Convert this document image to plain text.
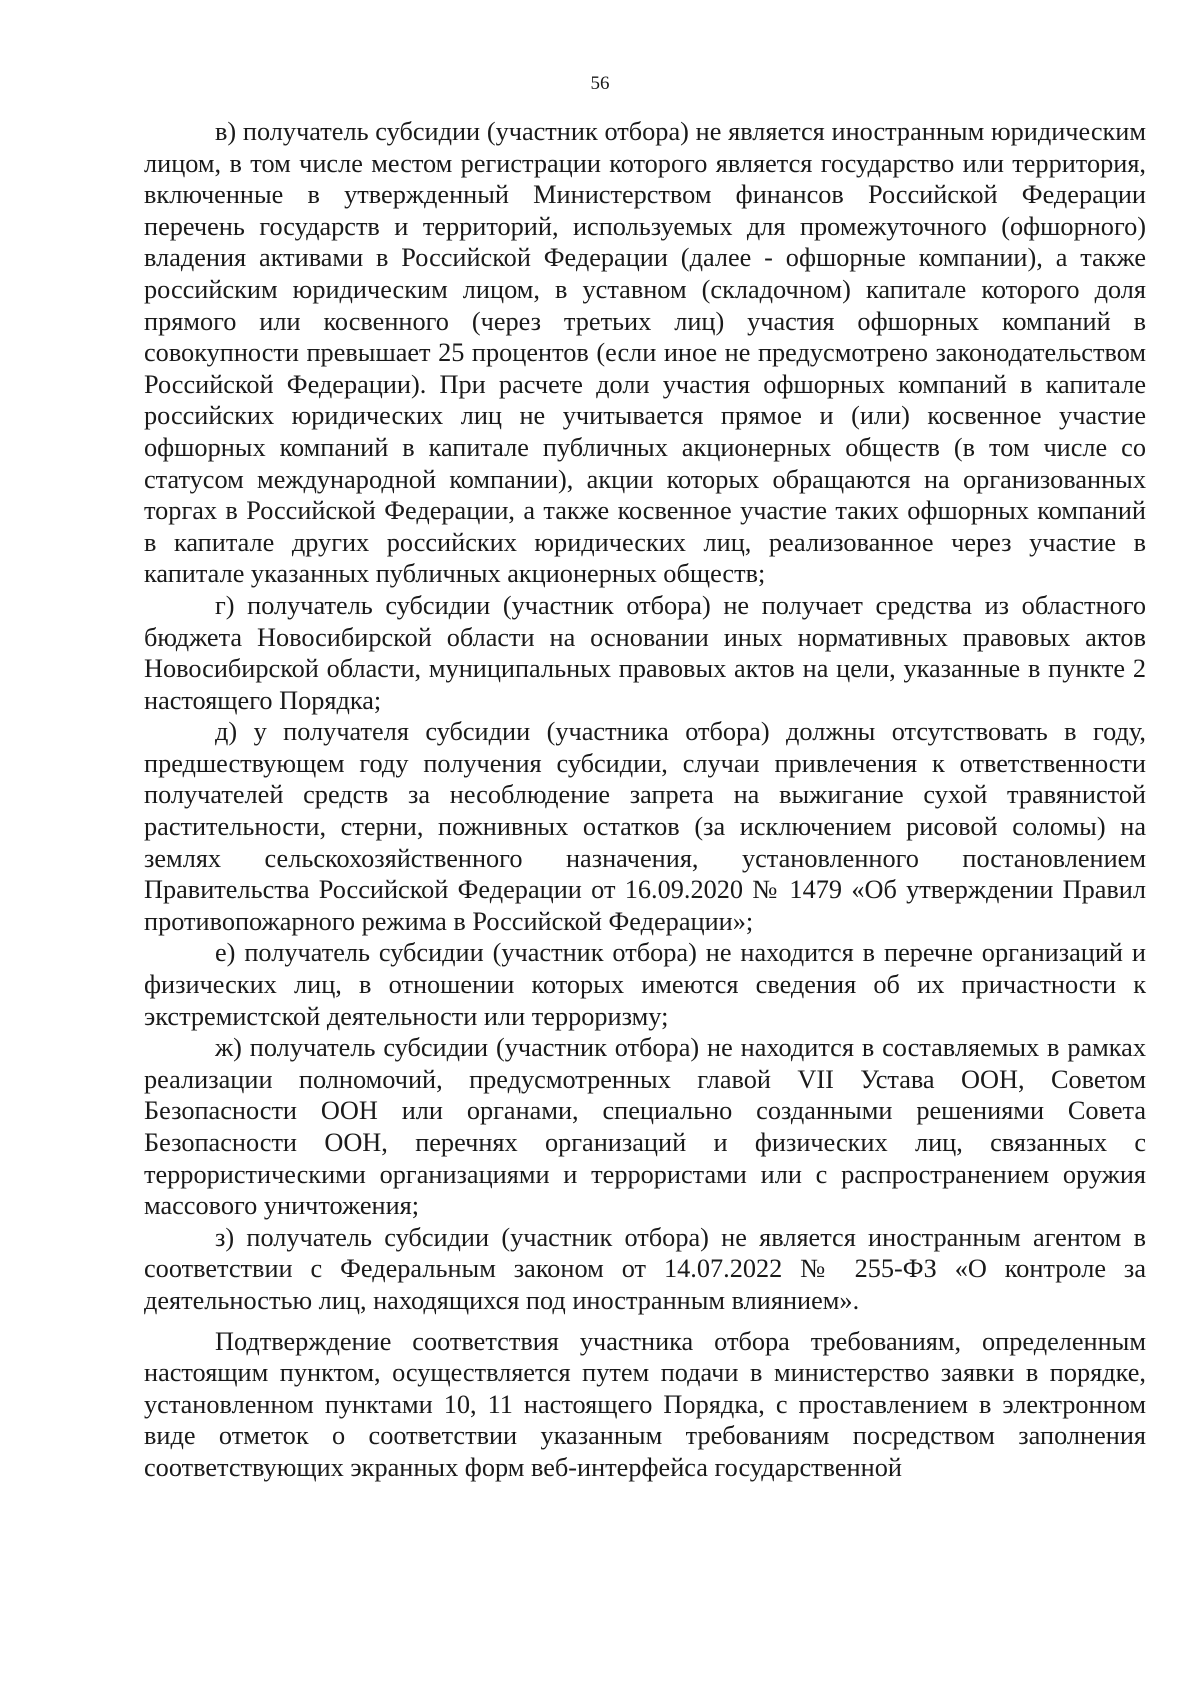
56

в) получатель субсидии (участник отбора) не является иностранным юридическим лицом, в том числе местом регистрации которого является государство или территория, включенные в утвержденный Министерством финансов Российской Федерации перечень государств и территорий, используемых для промежуточного (офшорного) владения активами в Российской Федерации (далее - офшорные компании), а также российским юридическим лицом, в уставном (складочном) капитале которого доля прямого или косвенного (через третьих лиц) участия офшорных компаний в совокупности превышает 25 процентов (если иное не предусмотрено законодательством Российской Федерации). При расчете доли участия офшорных компаний в капитале российских юридических лиц не учитывается прямое и (или) косвенное участие офшорных компаний в капитале публичных акционерных обществ (в том числе со статусом международной компании), акции которых обращаются на организованных торгах в Российской Федерации, а также косвенное участие таких офшорных компаний в капитале других российских юридических лиц, реализованное через участие в капитале указанных публичных акционерных обществ;

г) получатель субсидии (участник отбора) не получает средства из областного бюджета Новосибирской области на основании иных нормативных правовых актов Новосибирской области, муниципальных правовых актов на цели, указанные в пункте 2 настоящего Порядка;

д) у получателя субсидии (участника отбора) должны отсутствовать в году, предшествующем году получения субсидии, случаи привлечения к ответственности получателей средств за несоблюдение запрета на выжигание сухой травянистой растительности, стерни, пожнивных остатков (за исключением рисовой соломы) на землях сельскохозяйственного назначения, установленного постановлением Правительства Российской Федерации от 16.09.2020 № 1479 «Об утверждении Правил противопожарного режима в Российской Федерации»;

е) получатель субсидии (участник отбора) не находится в перечне организаций и физических лиц, в отношении которых имеются сведения об их причастности к экстремистской деятельности или терроризму;

ж) получатель субсидии (участник отбора) не находится в составляемых в рамках реализации полномочий, предусмотренных главой VII Устава ООН, Советом Безопасности ООН или органами, специально созданными решениями Совета Безопасности ООН, перечнях организаций и физических лиц, связанных с террористическими организациями и террористами или с распространением оружия массового уничтожения;

з) получатель субсидии (участник отбора) не является иностранным агентом в соответствии с Федеральным законом от 14.07.2022 № 255-ФЗ «О контроле за деятельностью лиц, находящихся под иностранным влиянием».

Подтверждение соответствия участника отбора требованиям, определенным настоящим пунктом, осуществляется путем подачи в министерство заявки в порядке, установленном пунктами 10, 11 настоящего Порядка, с проставлением в электронном виде отметок о соответствии указанным требованиям посредством заполнения соответствующих экранных форм веб-интерфейса государственной
